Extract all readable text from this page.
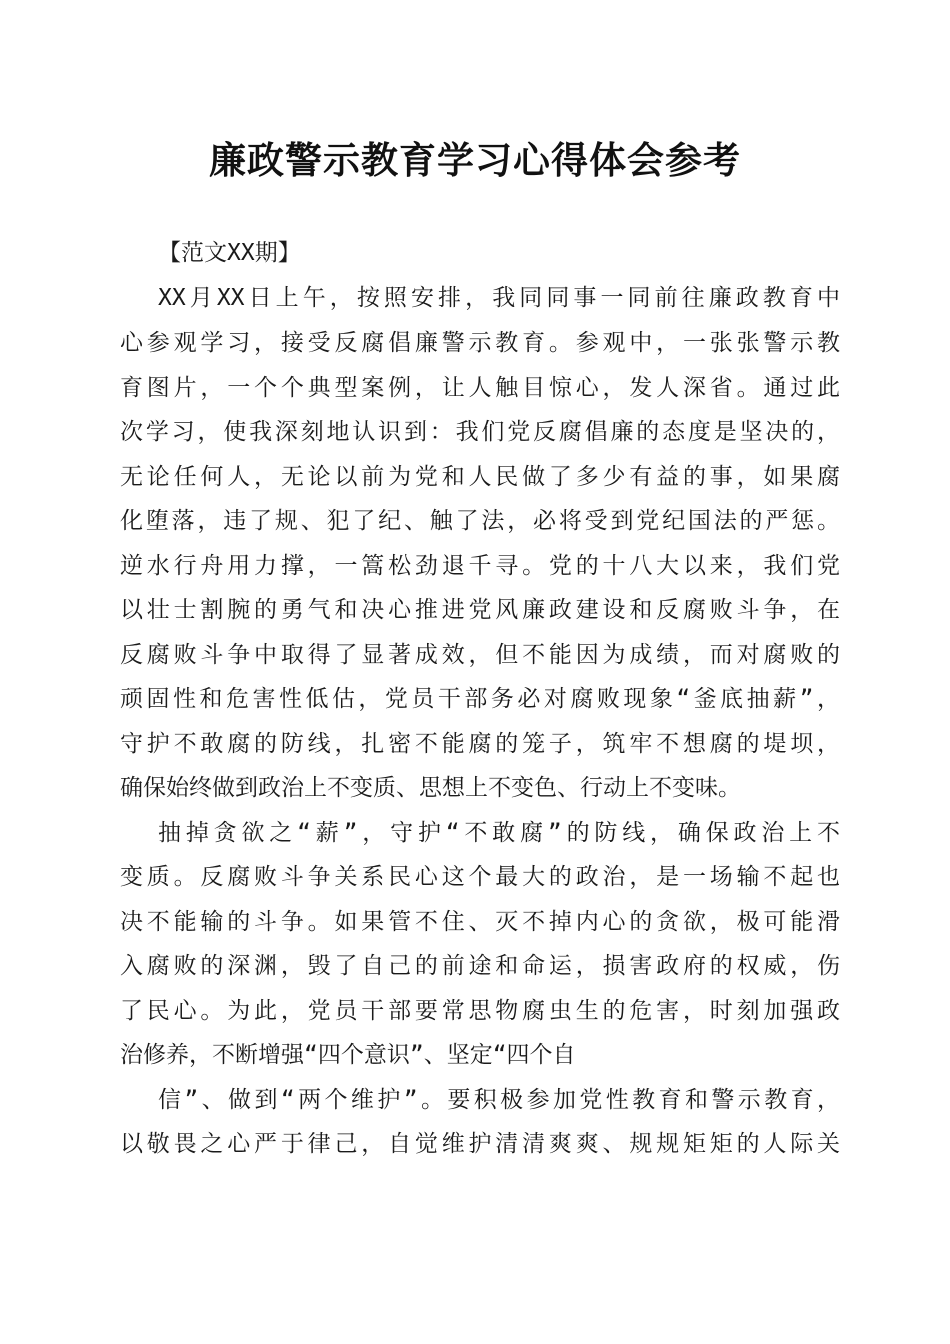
廉政警示教育学习心得体会参考

【范文XX期】

XX月XX日上午，按照安排，我同同事一同前往廉政教育中

心参观学习，接受反腐倡廉警示教育。参观中，一张张警示教

育图片，一个个典型案例，让人触目惊心，发人深省。通过此

次学习，使我深刻地认识到：我们党反腐倡廉的态度是坚决的，

无论任何人，无论以前为党和人民做了多少有益的事，如果腐

化堕落，违了规、犯了纪、触了法，必将受到党纪国法的严惩。

逆水行舟用力撑，一篙松劲退千寻。党的十八大以来，我们党

以壮士割腕的勇气和决心推进党风廉政建设和反腐败斗争，在

反腐败斗争中取得了显著成效，但不能因为成绩，而对腐败的

顽固性和危害性低估，党员干部务必对腐败现象“釜底抽薪”，

守护不敢腐的防线，扎密不能腐的笼子，筑牢不想腐的堤坝，

确保始终做到政治上不变质、思想上不变色、行动上不变味。

抽掉贪欲之“薪”，守护“不敢腐”的防线，确保政治上不

变质。反腐败斗争关系民心这个最大的政治，是一场输不起也

决不能输的斗争。如果管不住、灭不掉内心的贪欲，极可能滑

入腐败的深渊，毁了自己的前途和命运，损害政府的权威，伤

了民心。为此，党员干部要常思物腐虫生的危害，时刻加强政

治修养，不断增强“四个意识”、坚定“四个自

信”、做到“两个维护”。要积极参加党性教育和警示教育，

以敬畏之心严于律己，自觉维护清清爽爽、规规矩矩的人际关
